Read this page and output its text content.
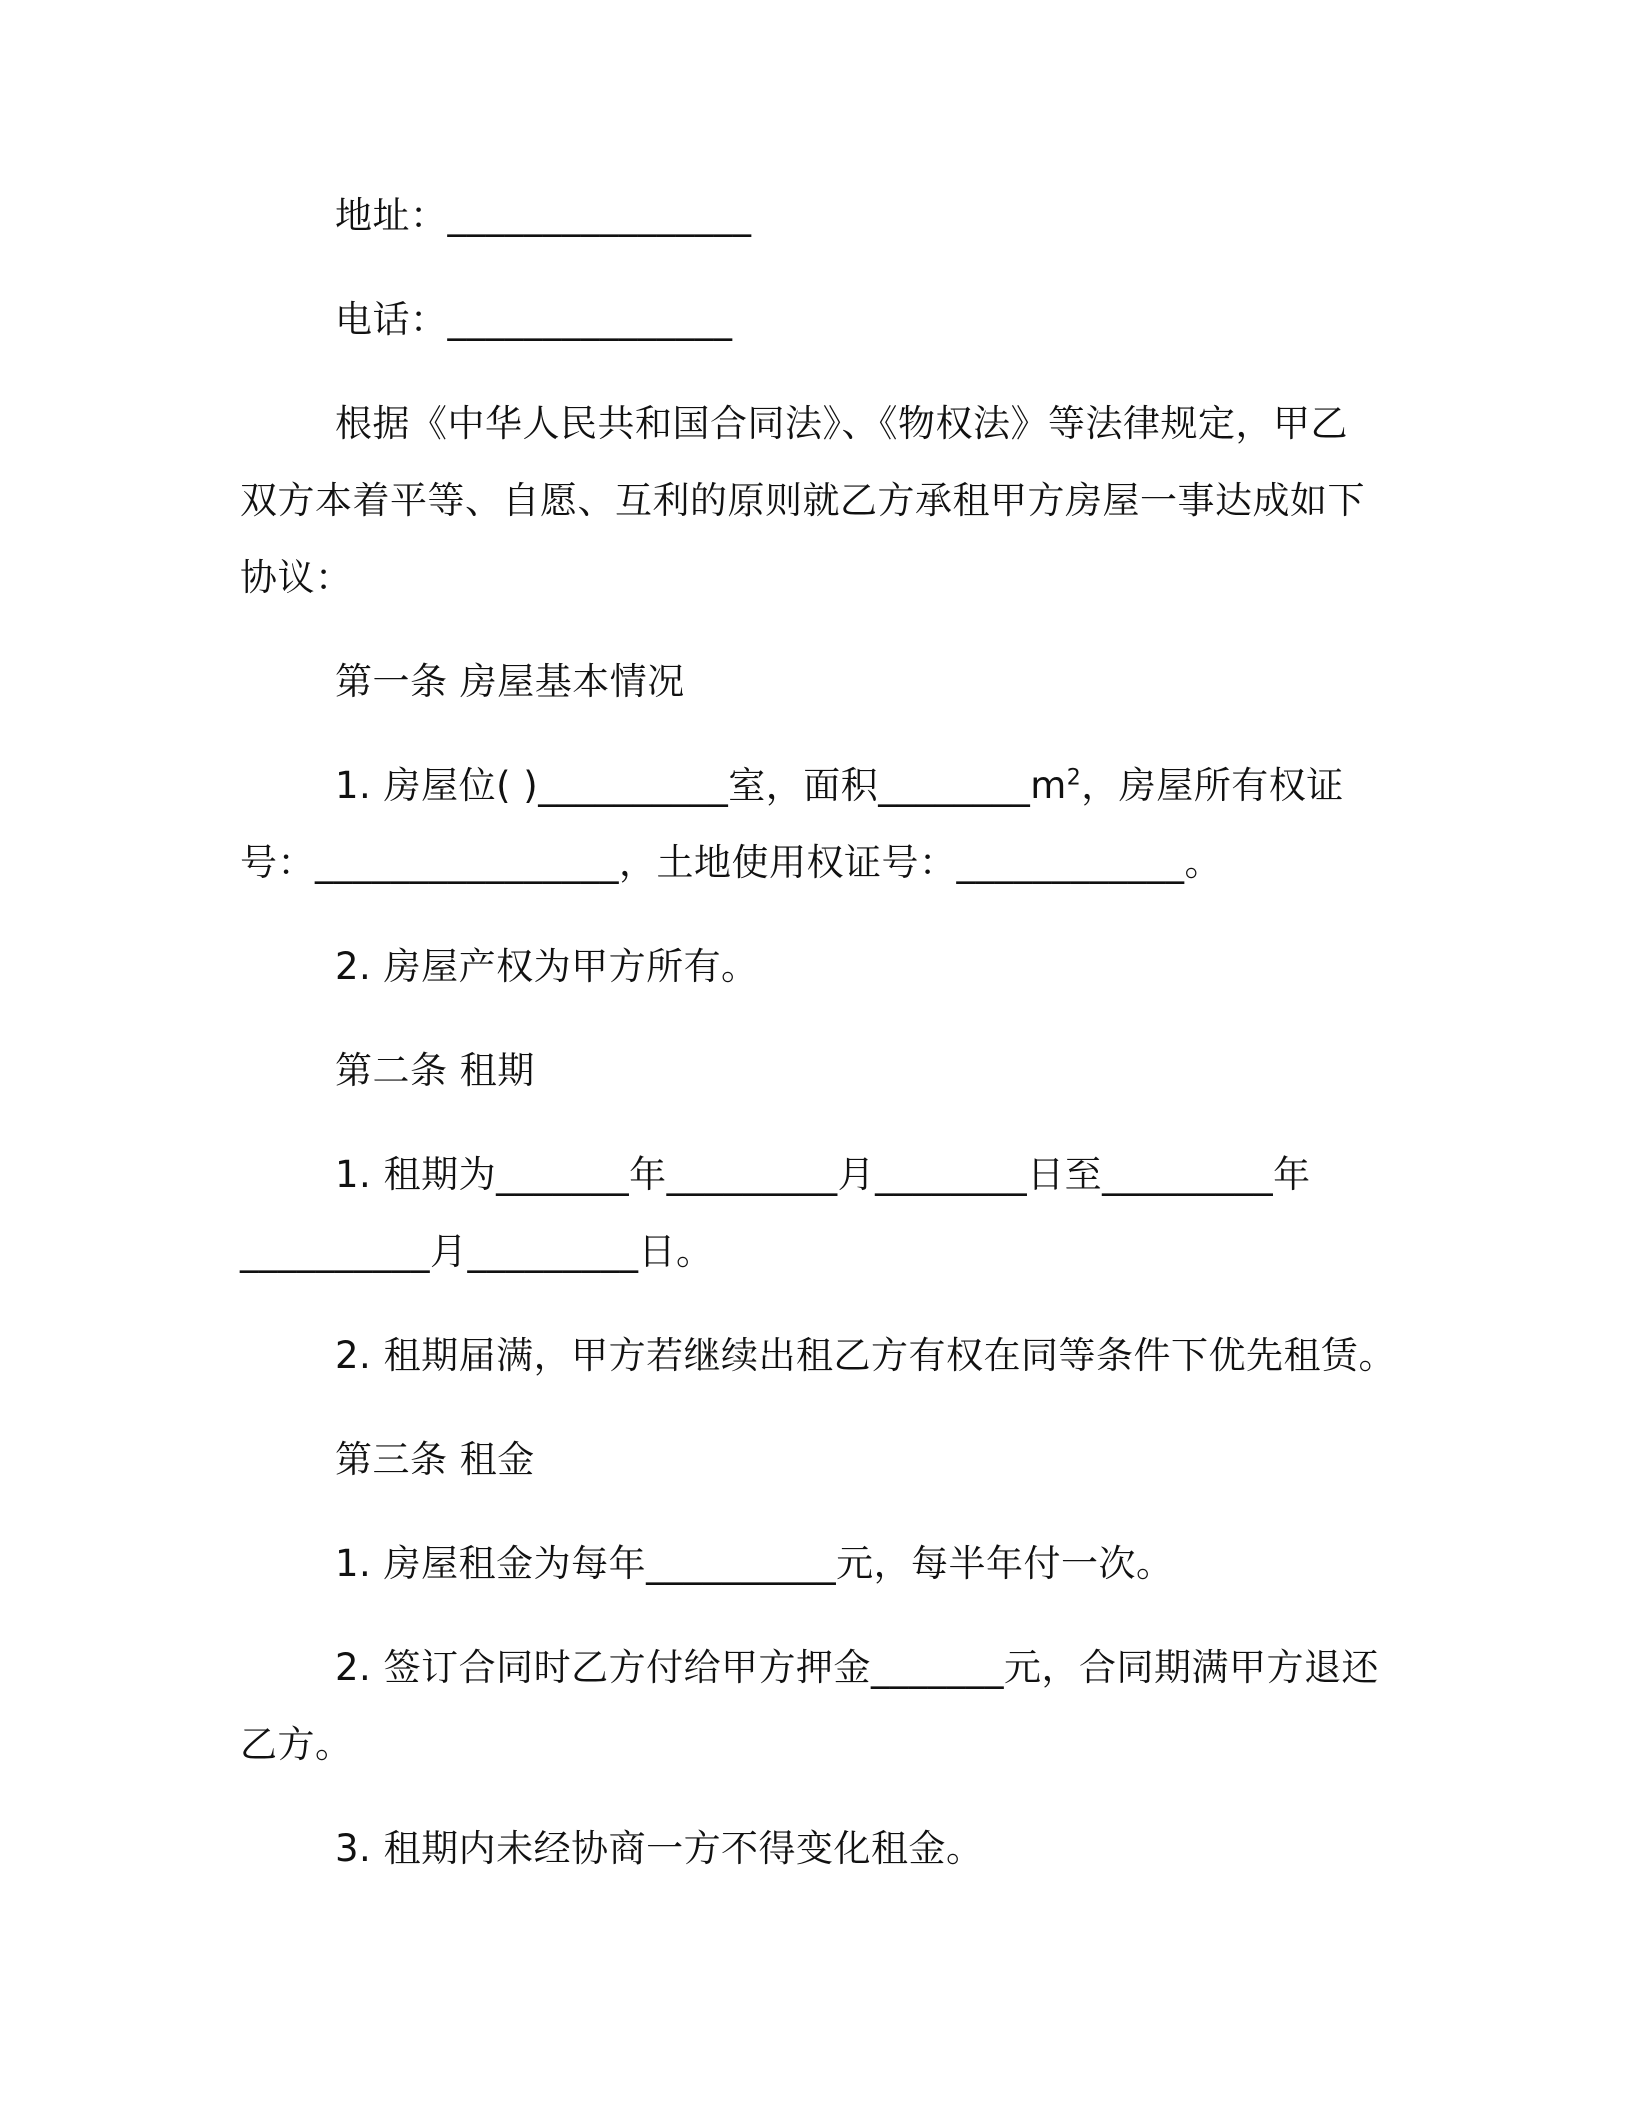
地址：________________
电话：_______________
根据《中华人民共和国合同法》、《物权法》等法律规定，甲乙
双方本着平等、自愿、互利的原则就乙方承租甲方房屋一事达成如下
协议：
第一条 房屋基本情况
1. 房屋位( )__________室，面积$\_\_\_\_\_\_\_\_m^2$，房屋所有权证
号：________________，土地使用权证号：____________。
2. 房屋产权为甲方所有。
第二条 租期
1. 租期为_______年_________月________日至_________年
__________月_________日。
2. 租期届满，甲方若继续出租乙方有权在同等条件下优先租赁。
第三条 租金
1. 房屋租金为每年__________元，每半年付一次。
2. 签订合同时乙方付给甲方押金_______元，合同期满甲方退还
乙方。
3. 租期内未经协商一方不得变化租金。
